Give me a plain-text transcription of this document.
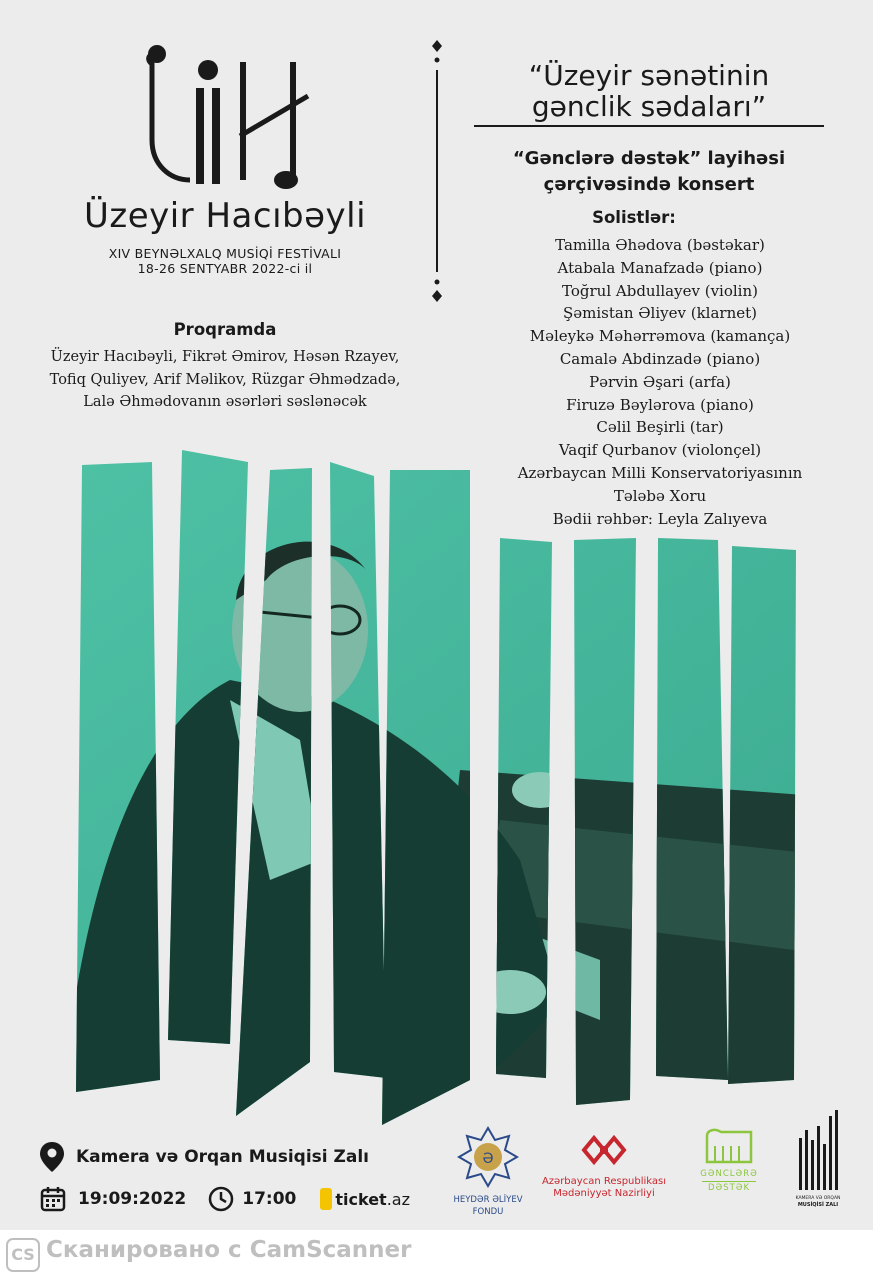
Üzeyir Hacıbəyli
XIV BEYNƏLXALQ MUSİQİ FESTİVALI
18-26 SENTYABR 2022-ci il
“Üzeyir sənətinin
gənclik sədaları”
“Gənclərə dəstək” layihəsi
çərçivəsində konsert
Solistlər:
Tamilla Əhədova (bəstəkar)
Atabala Manafzadə (piano)
Toğrul Abdullayev (violin)
Şəmistan Əliyev (klarnet)
Məleykə Məhərrəmova (kamança)
Camalə Abdinzadə (piano)
Pərvin Əşari (arfa)
Firuzə Bəylərova (piano)
Cəlil Beşirli (tar)
Vaqif Qurbanov (violonçel)
Azərbaycan Milli Konservatoriyasının
Tələbə Xoru
Bədii rəhbər: Leyla Zalıyeva
Proqramda
Üzeyir Hacıbəyli, Fikrət Əmirov, Həsən Rzayev,
Tofiq Quliyev, Arif Məlikov, Rüzgar Əhmədzadə,
Lalə Əhmədovanın əsərləri səslənəcək
Kamera və Orqan Musiqisi Zalı
19:09:2022	17:00 ticket .az
Ə
HEYDƏR ƏLİYEV
FONDU
Azərbaycan Respublikası
Mədəniyyət Nazirliyi
GƏNCLƏRƏ
DƏSTƏK
KAMERA VƏ ORQAN
MUSİQİSİ ZALI
CS Сканировано с CamScanner
